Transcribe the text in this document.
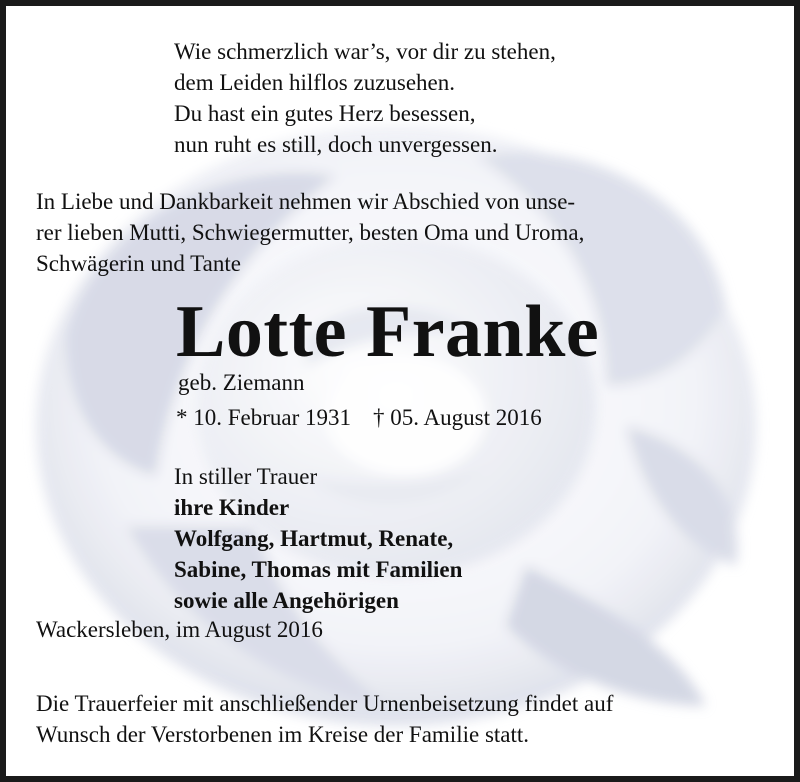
Wie schmerzlich war’s, vor dir zu stehen,
dem Leiden hilflos zuzusehen.
Du hast ein gutes Herz besessen,
nun ruht es still, doch unvergessen.
In Liebe und Dankbarkeit nehmen wir Abschied von unse-
rer lieben Mutti, Schwiegermutter, besten Oma und Uroma,
Schwägerin und Tante
Lotte Franke
geb. Ziemann
* 10. Februar 1931 † 05. August 2016
In stiller Trauer
ihre Kinder
Wolfgang, Hartmut, Renate,
Sabine, Thomas mit Familien
sowie alle Angehörigen
Wackersleben, im August 2016
Die Trauerfeier mit anschließender Urnenbeisetzung findet auf
Wunsch der Verstorbenen im Kreise der Familie statt.
